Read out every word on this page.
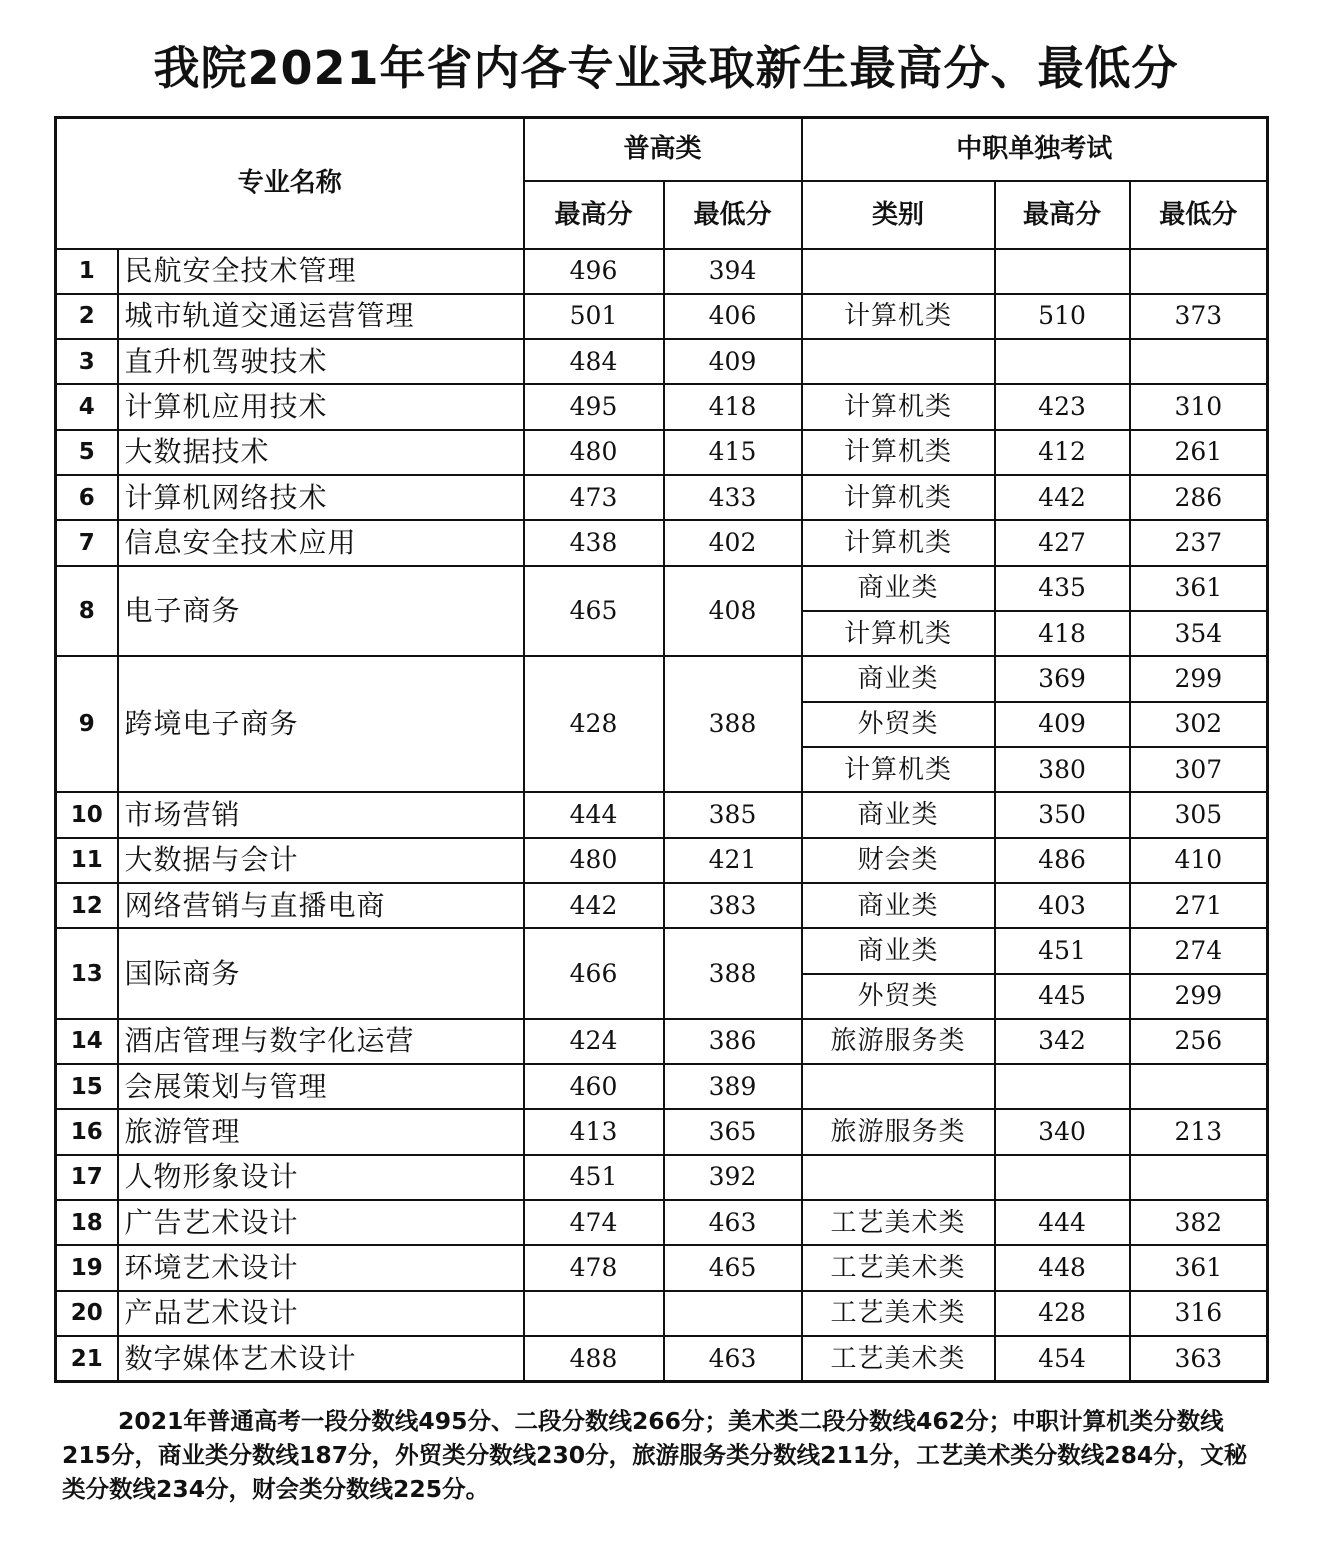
我院2021年省内各专业录取新生最高分、最低分
专业名称		普高类		中职单独考试		
		最高分	最低分	类别	最高分	最低分
1	民航安全技术管理	496	394			
2	城市轨道交通运营管理	501	406	计算机类	510	373
3	直升机驾驶技术	484	409			
4	计算机应用技术	495	418	计算机类	423	310
5	大数据技术	480	415	计算机类	412	261
6	计算机网络技术	473	433	计算机类	442	286
7	信息安全技术应用	438	402	计算机类	427	237
8	电子商务	465	408	商业类	435	361
				计算机类	418	354
9	跨境电子商务	428	388	商业类	369	299
				外贸类	409	302
				计算机类	380	307
10	市场营销	444	385	商业类	350	305
11	大数据与会计	480	421	财会类	486	410
12	网络营销与直播电商	442	383	商业类	403	271
13	国际商务	466	388	商业类	451	274
				外贸类	445	299
14	酒店管理与数字化运营	424	386	旅游服务类	342	256
15	会展策划与管理	460	389			
16	旅游管理	413	365	旅游服务类	340	213
17	人物形象设计	451	392			
18	广告艺术设计	474	463	工艺美术类	444	382
19	环境艺术设计	478	465	工艺美术类	448	361
20	产品艺术设计			工艺美术类	428	316
21	数字媒体艺术设计	488	463	工艺美术类	454	363

2021年普通高考一段分数线495分、二段分数线266分；美术类二段分数线462分；中职计算机类分数线215分，商业类分数线187分，外贸类分数线230分，旅游服务类分数线211分，工艺美术类分数线284分，文秘类分数线234分，财会类分数线225分。
